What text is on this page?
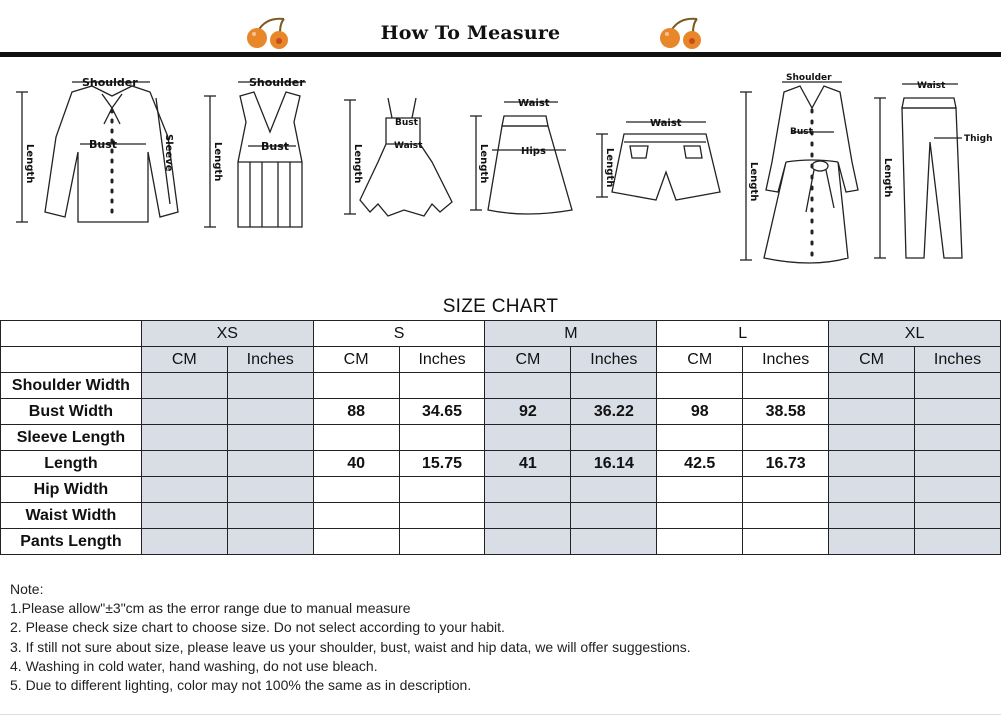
How To Measure
Shoulder
Bust	Sleeve
Length
Shoulder
Bust
Length
Bust
Waist
Length
Waist
Hips
Length
Waist
Length
Shoulder
Bust
Length
Waist
Thigh
Length
SIZE CHART
	XS		S		M		L		XL	
	CM	Inches	CM	Inches	CM	Inches	CM	Inches	CM	Inches
Shoulder Width										
Bust Width			88	34.65	92	36.22	98	38.58		
Sleeve Length										
Length			40	15.75	41	16.14	42.5	16.73		
Hip Width										
Waist Width										
Pants Length										
Note:
1.Please allow"±3"cm as the error range due to manual measure
2. Please check size chart to choose size. Do not select according to your habit.
3. If still not sure about size, please leave us your shoulder, bust, waist and hip data, we will offer suggestions.
4. Washing in cold water, hand washing, do not use bleach.
5. Due to different lighting, color may not 100% the same as in description.
